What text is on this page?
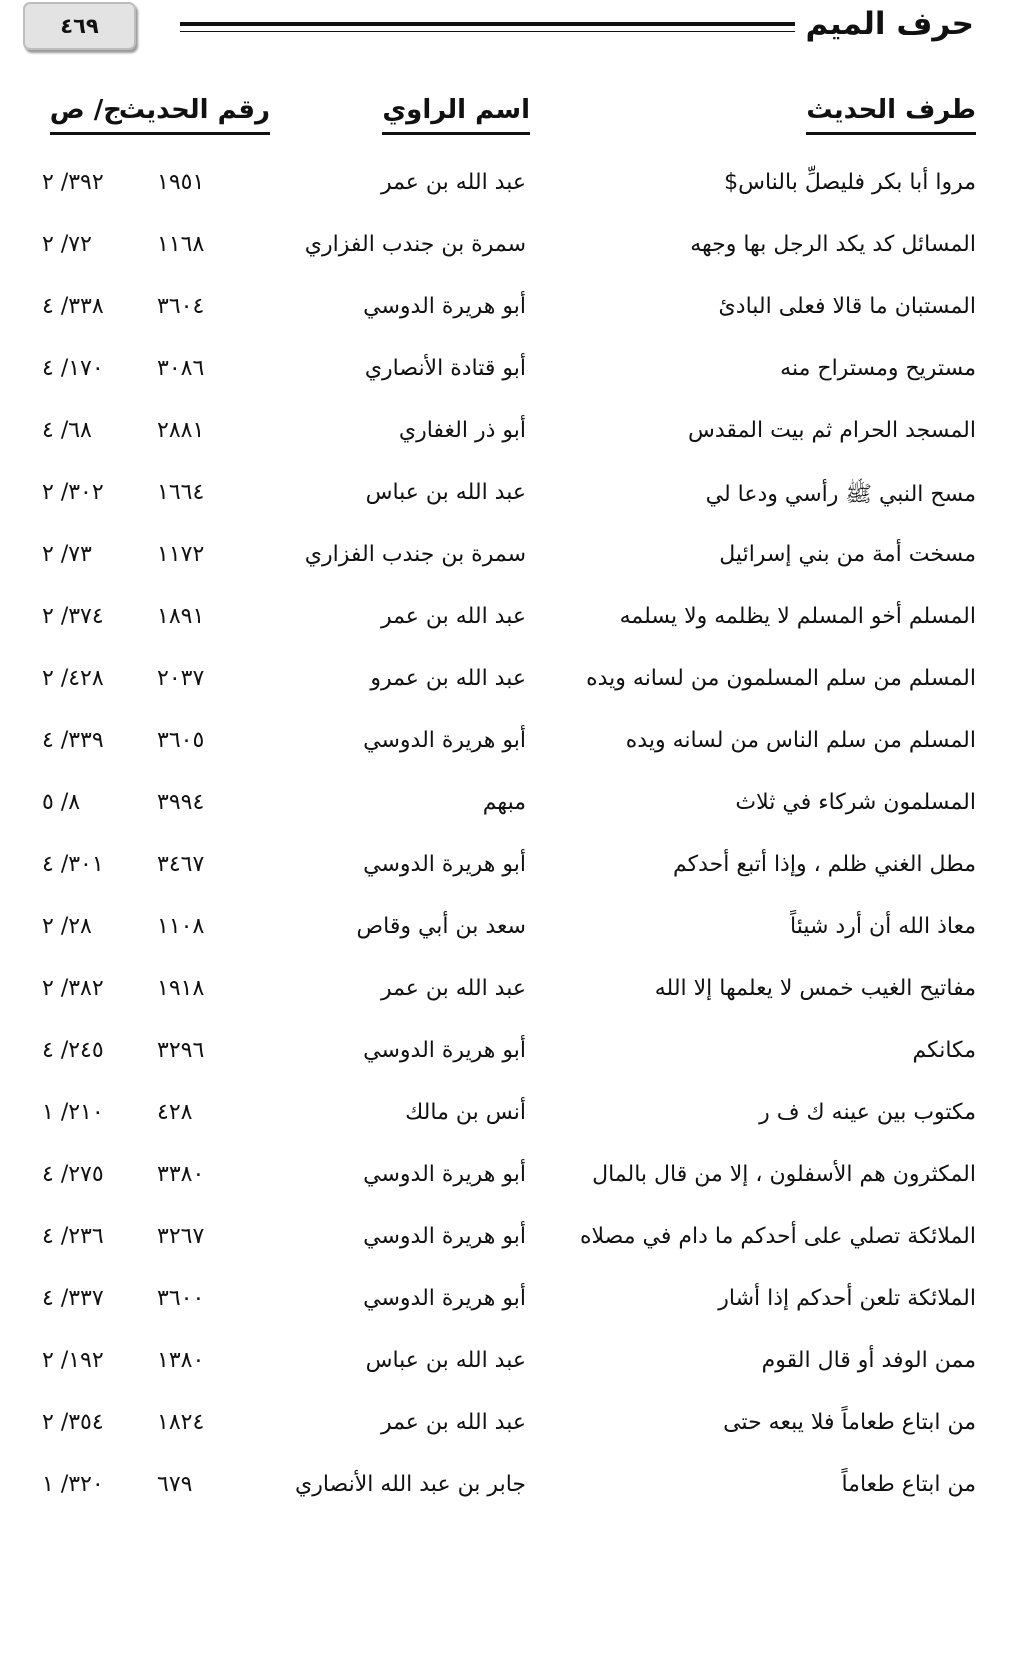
حرف الميم
٤٦٩
طرف الحديث
اسم الراوي
رقم الحديث
ج/ ص
مروا أبا بكر فليصلِّ بالناس$
عبد الله بن عمر
١٩٥١
٣٩٢/ ٢
المسائل كد يكد الرجل بها وجهه
سمرة بن جندب الفزاري
١١٦٨
٧٢/ ٢
المستبان ما قالا فعلى البادئ
أبو هريرة الدوسي
٣٦٠٤
٣٣٨/ ٤
مستريح ومستراح منه
أبو قتادة الأنصاري
٣٠٨٦
١٧٠/ ٤
المسجد الحرام ثم بيت المقدس
أبو ذر الغفاري
٢٨٨١
٦٨/ ٤
مسح النبي ﷺ رأسي ودعا لي
عبد الله بن عباس
١٦٦٤
٣٠٢/ ٢
مسخت أمة من بني إسرائيل
سمرة بن جندب الفزاري
١١٧٢
٧٣/ ٢
المسلم أخو المسلم لا يظلمه ولا يسلمه
عبد الله بن عمر
١٨٩١
٣٧٤/ ٢
المسلم من سلم المسلمون من لسانه ويده
عبد الله بن عمرو
٢٠٣٧
٤٢٨/ ٢
المسلم من سلم الناس من لسانه ويده
أبو هريرة الدوسي
٣٦٠٥
٣٣٩/ ٤
المسلمون شركاء في ثلاث
مبهم
٣٩٩٤
٨/ ٥
مطل الغني ظلم ، وإذا أتبع أحدكم
أبو هريرة الدوسي
٣٤٦٧
٣٠١/ ٤
معاذ الله أن أرد شيئاً
سعد بن أبي وقاص
١١٠٨
٢٨/ ٢
مفاتيح الغيب خمس لا يعلمها إلا الله
عبد الله بن عمر
١٩١٨
٣٨٢/ ٢
مكانكم
أبو هريرة الدوسي
٣٢٩٦
٢٤٥/ ٤
مكتوب بين عينه ك ف ر
أنس بن مالك
٤٢٨
٢١٠/ ١
المكثرون هم الأسفلون ، إلا من قال بالمال
أبو هريرة الدوسي
٣٣٨٠
٢٧٥/ ٤
الملائكة تصلي على أحدكم ما دام في مصلاه
أبو هريرة الدوسي
٣٢٦٧
٢٣٦/ ٤
الملائكة تلعن أحدكم إذا أشار
أبو هريرة الدوسي
٣٦٠٠
٣٣٧/ ٤
ممن الوفد أو قال القوم
عبد الله بن عباس
١٣٨٠
١٩٢/ ٢
من ابتاع طعاماً فلا يبعه حتى
عبد الله بن عمر
١٨٢٤
٣٥٤/ ٢
من ابتاع طعاماً
جابر بن عبد الله الأنصاري
٦٧٩
٣٢٠/ ١
